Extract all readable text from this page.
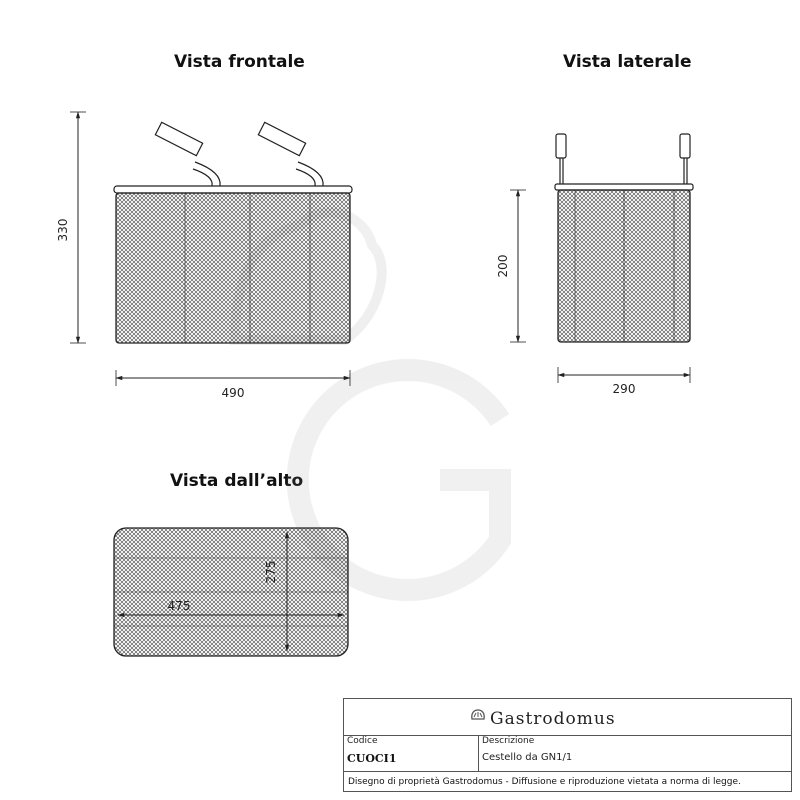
Vista frontale	Vista laterale
Vista dall’alto
330
490
200
290
275
475
Gastrodomus
Codice
CUOCI1
Descrizione
Cestello da GN1/1
Disegno di proprietà Gastrodomus - Diffusione e riproduzione vietata a norma di legge.
